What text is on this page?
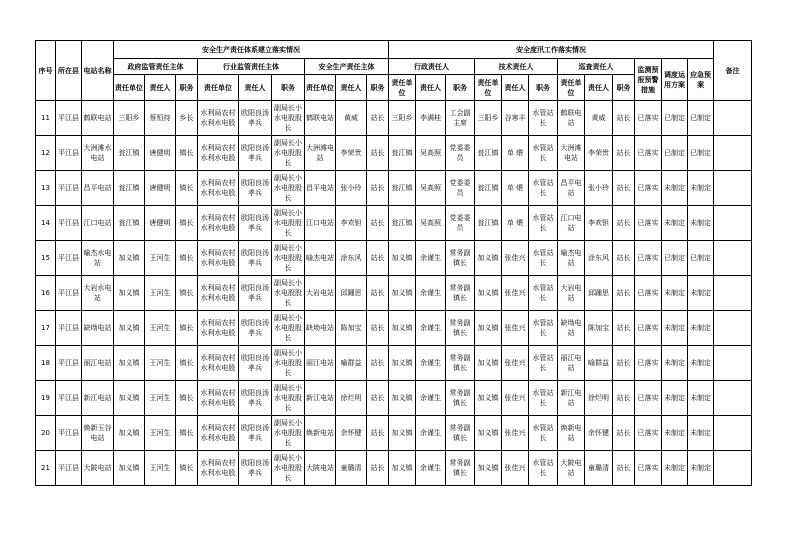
序号	所在县	电站名称	安全生产责任体系建立落实情况									安全度汛工作落实情况												备注
			政府监管责任主体			行业监管责任主体			安全生产责任主体			行政责任人			技术责任人			巡查责任人			监测预报预警措施	调度运用方案	应急预案	
			责任单位	责任人	职务	责任单位	责任人	职务	责任单位	责任人	职务	责任单位	责任人	职务	责任单位	责任人	职务	责任单位	责任人	职务				
11	平江县	鹤联电站	三阳乡	蔡恒持	乡长	水利局农村水利水电股	欧阳良汤孝兵	副局长小水电股股长	鹤联电站	黄威	站长	三阳乡	李满桂	工会副主席	三阳乡	谷寒丰	水管站长	鹤联电站	黄威	站长	已落实	已制定	已制定	
12	平江县	大洲滩水电站	瓮江镇	唐健明	镇长	水利局农村水利水电股	欧阳良汤孝兵	副局长小水电股股长	大洲滩电站	李荣贵	站长	瓮江镇	吴高照	党委委员	瓮江镇	单 煨	水管站长	大洲滩电站	李荣贵	站长	已落实	已制定	已制定	
13	平江县	昌平电站	瓮江镇	唐健明	镇长	水利局农村水利水电股	欧阳良汤孝兵	副局长小水电股股长	昌平电站	张小玲	站长	瓮江镇	吴高照	党委委员	瓮江镇	单 煨	水管站长	昌平电站	张小玲	站长	已落实	未制定	未制定	
14	平江县	江口电站	瓮江镇	唐健明	镇长	水利局农村水利水电股	欧阳良汤孝兵	副局长小水电股股长	江口电站	李欢钽	站长	瓮江镇	吴高照	党委委员	瓮江镇	单 煨	水管站长	江口电站	李欢钽	站长	已落实	未制定	未制定	
15	平江县	喻杰水电站	加义镇	王河生	镇长	水利局农村水利水电股	欧阳良汤孝兵	副局长小水电股股长	喻杰电站	涂东风	站长	加义镇	余谨生	常务副镇长	加义镇	张佳兴	水管站长	喻杰电站	涂东风	站长	已落实	已制定	已制定	
16	平江县	大岩水电站	加义镇	王河生	镇长	水利局农村水利水电股	欧阳良汤孝兵	副局长小水电股股长	大岩电站	邱踵思	站长	加义镇	余谨生	常务副镇长	加义镇	张佳兴	水管站长	大岩电站	邱踵思	站长	已落实	未制定	未制定	
17	平江县	缺坳电站	加义镇	王河生	镇长	水利局农村水利水电股	欧阳良汤孝兵	副局长小水电股股长	缺坳电站	陈加宝	站长	加义镇	余谨生	常务副镇长	加义镇	张佳兴	水管站长	缺坳电站	陈加宝	站长	已落实	未制定	未制定	
18	平江县	丽江电站	加义镇	王河生	镇长	水利局农村水利水电股	欧阳良汤孝兵	副局长小水电股股长	丽江电站	喻群益	站长	加义镇	余谨生	常务副镇长	加义镇	张佳兴	水管站长	丽江电站	喻群益	站长	已落实	未制定	未制定	
19	平江县	新江电站	加义镇	王河生	镇长	水利局农村水利水电股	欧阳良汤孝兵	副局长小水电股股长	新江电站	徐烂明	站长	加义镇	余谨生	常务副镇长	加义镇	张佳兴	水管站长	新江电站	徐烂明	站长	已落实	未制定	未制定	
20	平江县	焕新玉谷电站	加义镇	王河生	镇长	水利局农村水利水电股	欧阳良汤孝兵	副局长小水电股股长	焕新电站	余怀键	站长	加义镇	余谨生	常务副镇长	加义镇	张佳兴	水管站长	焕新电站	余怀键	站长	已落实	未制定	未制定	
21	平江县	大陂电站	加义镇	王河生	镇长	水利局农村水利水电股	欧阳良汤孝兵	副局长小水电股股长	大陂电站	童璐清	站长	加义镇	余谨生	常务副镇长	加义镇	张佳兴	水管站长	大陂电站	童璐清	站长	已落实	未制定	未制定	
